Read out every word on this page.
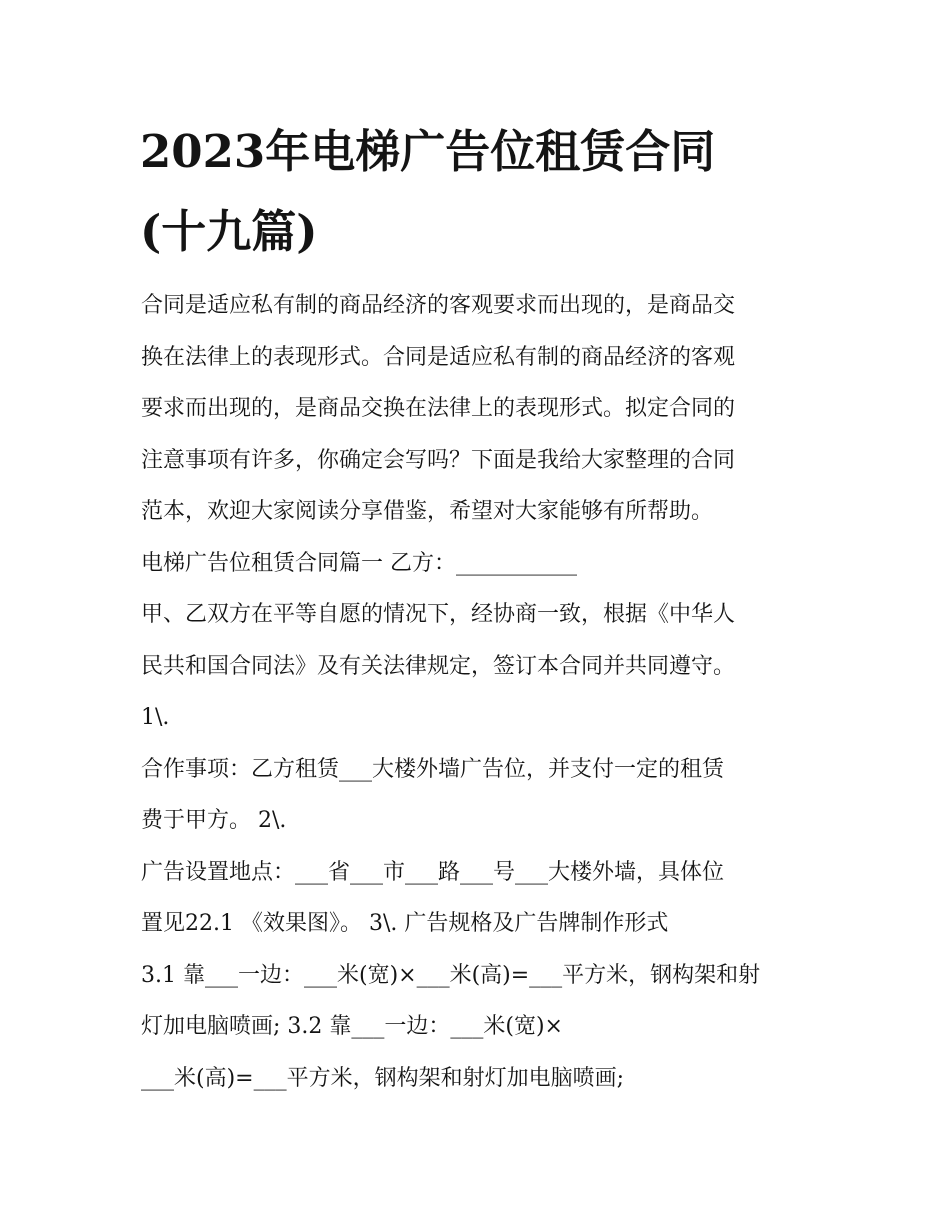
2023年电梯广告位租赁合同
(十九篇)
合同是适应私有制的商品经济的客观要求而出现的，是商品交
换在法律上的表现形式。合同是适应私有制的商品经济的客观
要求而出现的，是商品交换在法律上的表现形式。拟定合同的
注意事项有许多，你确定会写吗？下面是我给大家整理的合同
范本，欢迎大家阅读分享借鉴，希望对大家能够有所帮助。
电梯广告位租赁合同篇一 乙方：___________
甲、乙双方在平等自愿的情况下，经协商一致，根据《中华人
民共和国合同法》及有关法律规定，签订本合同并共同遵守。
1\.
合作事项：乙方租赁___大楼外墙广告位，并支付一定的租赁
费于甲方。 2\.
广告设置地点：___省___市___路___号___大楼外墙，具体位
置见22.1 《效果图》。 3\. 广告规格及广告牌制作形式
3.1 靠___一边：___米(宽)×___米(高)=___平方米，钢构架和射
灯加电脑喷画; 3.2 靠___一边：___米(宽)×
___米(高)=___平方米，钢构架和射灯加电脑喷画;
